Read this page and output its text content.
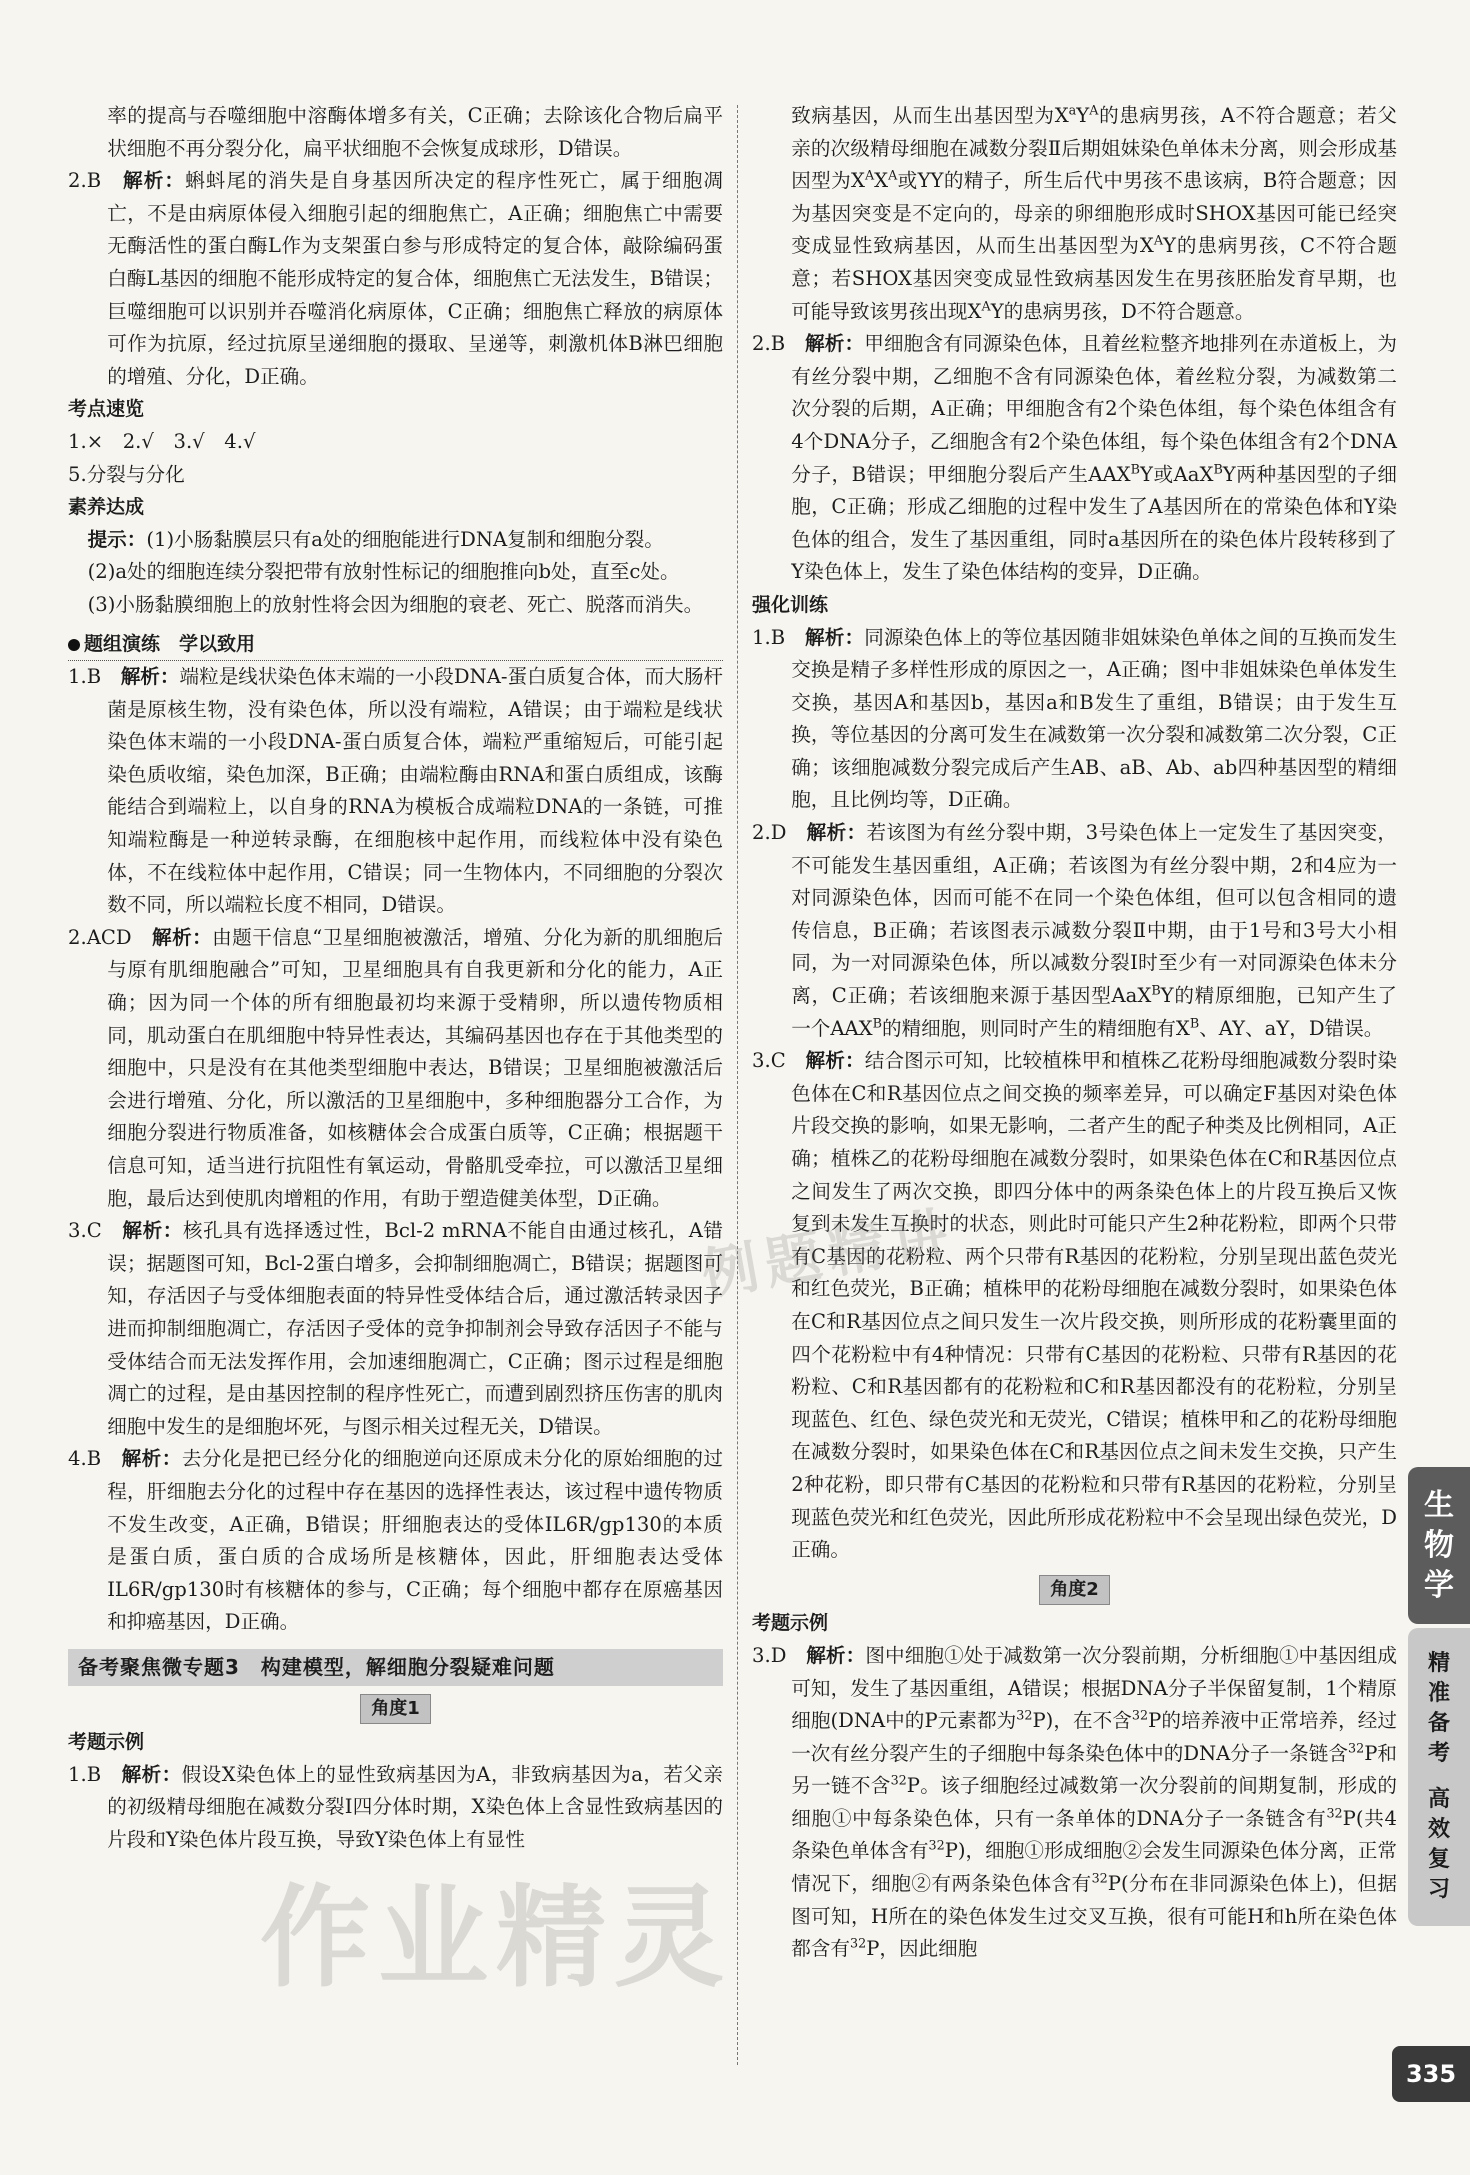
率的提高与吞噬细胞中溶酶体增多有关，C正确；去除该化合物后扁平状细胞不再分裂分化，扁平状细胞不会恢复成球形，D错误。

2.B　 解析：蝌蚪尾的消失是自身基因所决定的程序性死亡，属于细胞凋亡，不是由病原体侵入细胞引起的细胞焦亡，A正确；细胞焦亡中需要无酶活性的蛋白酶L作为支架蛋白参与形成特定的复合体，敲除编码蛋白酶L基因的细胞不能形成特定的复合体，细胞焦亡无法发生，B错误；巨噬细胞可以识别并吞噬消化病原体，C正确；细胞焦亡释放的病原体可作为抗原，经过抗原呈递细胞的摄取、呈递等，刺激机体B淋巴细胞的增殖、分化，D正确。

考点速览

1.×　2.√　3.√　4.√

5.分裂与分化

素养达成

提示：(1)小肠黏膜层只有a处的细胞能进行DNA复制和细胞分裂。

(2)a处的细胞连续分裂把带有放射性标记的细胞推向b处，直至c处。

(3)小肠黏膜细胞上的放射性将会因为细胞的衰老、死亡、脱落而消失。

题组演练　学以致用

1.B　 解析：端粒是线状染色体末端的一小段DNA-蛋白质复合体，而大肠杆菌是原核生物，没有染色体，所以没有端粒，A错误；由于端粒是线状染色体末端的一小段DNA-蛋白质复合体，端粒严重缩短后，可能引起染色质收缩，染色加深，B正确；由端粒酶由RNA和蛋白质组成，该酶能结合到端粒上，以自身的RNA为模板合成端粒DNA的一条链，可推知端粒酶是一种逆转录酶，在细胞核中起作用，而线粒体中没有染色体，不在线粒体中起作用，C错误；同一生物体内，不同细胞的分裂次数不同，所以端粒长度不相同，D错误。

2.ACD　 解析：由题干信息“卫星细胞被激活，增殖、分化为新的肌细胞后与原有肌细胞融合”可知，卫星细胞具有自我更新和分化的能力，A正确；因为同一个体的所有细胞最初均来源于受精卵，所以遗传物质相同，肌动蛋白在肌细胞中特异性表达，其编码基因也存在于其他类型的细胞中，只是没有在其他类型细胞中表达，B错误；卫星细胞被激活后会进行增殖、分化，所以激活的卫星细胞中，多种细胞器分工合作，为细胞分裂进行物质准备，如核糖体会合成蛋白质等，C正确；根据题干信息可知，适当进行抗阻性有氧运动，骨骼肌受牵拉，可以激活卫星细胞，最后达到使肌肉增粗的作用，有助于塑造健美体型，D正确。

3.C　 解析：核孔具有选择透过性，Bcl-2 mRNA不能自由通过核孔，A错误；据题图可知，Bcl-2蛋白增多，会抑制细胞凋亡，B错误；据题图可知，存活因子与受体细胞表面的特异性受体结合后，通过激活转录因子进而抑制细胞凋亡，存活因子受体的竞争抑制剂会导致存活因子不能与受体结合而无法发挥作用，会加速细胞凋亡，C正确；图示过程是细胞凋亡的过程，是由基因控制的程序性死亡，而遭到剧烈挤压伤害的肌肉细胞中发生的是细胞坏死，与图示相关过程无关，D错误。

4.B　 解析：去分化是把已经分化的细胞逆向还原成未分化的原始细胞的过程，肝细胞去分化的过程中存在基因的选择性表达，该过程中遗传物质不发生改变，A正确，B错误；肝细胞表达的受体IL6R/gp130的本质是蛋白质，蛋白质的合成场所是核糖体，因此，肝细胞表达受体IL6R/gp130时有核糖体的参与，C正确；每个细胞中都存在原癌基因和抑癌基因，D正确。

备考聚焦微专题3　构建模型，解细胞分裂疑难问题
角度1

考题示例

1.B　 解析：假设X染色体上的显性致病基因为A，非致病基因为a，若父亲的初级精母细胞在减数分裂Ⅰ四分体时期，X染色体上含显性致病基因的片段和Y染色体片段互换，导致Y染色体上有显性

致病基因，从而生出基因型为$X^aY^A$的患病男孩，A不符合题意；若父亲的次级精母细胞在减数分裂Ⅱ后期姐妹染色单体未分离，则会形成基因型为$X^AX^A$或YY的精子，所生后代中男孩不患该病，B符合题意；因为基因突变是不定向的，母亲的卵细胞形成时SHOX基因可能已经突变成显性致病基因，从而生出基因型为$X^AY$的患病男孩，C不符合题意；若SHOX基因突变成显性致病基因发生在男孩胚胎发育早期，也可能导致该男孩出现$X^AY$的患病男孩，D不符合题意。

2.B　 解析：甲细胞含有同源染色体，且着丝粒整齐地排列在赤道板上，为有丝分裂中期，乙细胞不含有同源染色体，着丝粒分裂，为减数第二次分裂的后期，A正确；甲细胞含有2个染色体组，每个染色体组含有4个DNA分子，乙细胞含有2个染色体组，每个染色体组含有2个DNA分子，B错误；甲细胞分裂后产生$AAX^BY$或AaX$^B$Y两种基因型的子细胞，C正确；形成乙细胞的过程中发生了A基因所在的常染色体和Y染色体的组合，发生了基因重组，同时a基因所在的染色体片段转移到了Y染色体上，发生了染色体结构的变异，D正确。

强化训练

1.B　 解析：同源染色体上的等位基因随非姐妹染色单体之间的互换而发生交换是精子多样性形成的原因之一，A正确；图中非姐妹染色单体发生交换，基因A和基因b，基因a和B发生了重组，B错误；由于发生互换，等位基因的分离可发生在减数第一次分裂和减数第二次分裂，C正确；该细胞减数分裂完成后产生AB、aB、Ab、ab四种基因型的精细胞，且比例均等，D正确。

2.D　 解析：若该图为有丝分裂中期，3号染色体上一定发生了基因突变，不可能发生基因重组，A正确；若该图为有丝分裂中期，2和4应为一对同源染色体，因而可能不在同一个染色体组，但可以包含相同的遗传信息，B正确；若该图表示减数分裂Ⅱ中期，由于1号和3号大小相同，为一对同源染色体，所以减数分裂Ⅰ时至少有一对同源染色体未分离，C正确；若该细胞来源于基因型AaX$^B$Y的精原细胞，已知产生了一个$AAX^B$的精细胞，则同时产生的精细胞有$X^B$、AY、aY，D错误。

3.C　 解析：结合图示可知，比较植株甲和植株乙花粉母细胞减数分裂时染色体在C和R基因位点之间交换的频率差异，可以确定F基因对染色体片段交换的影响，如果无影响，二者产生的配子种类及比例相同，A正确；植株乙的花粉母细胞在减数分裂时，如果染色体在C和R基因位点之间发生了两次交换，即四分体中的两条染色体上的片段互换后又恢复到未发生互换时的状态，则此时可能只产生2种花粉粒，即两个只带有C基因的花粉粒、两个只带有R基因的花粉粒，分别呈现出蓝色荧光和红色荧光，B正确；植株甲的花粉母细胞在减数分裂时，如果染色体在C和R基因位点之间只发生一次片段交换，则所形成的花粉囊里面的四个花粉粒中有4种情况：只带有C基因的花粉粒、只带有R基因的花粉粒、C和R基因都有的花粉粒和C和R基因都没有的花粉粒，分别呈现蓝色、红色、绿色荧光和无荧光，C错误；植株甲和乙的花粉母细胞在减数分裂时，如果染色体在C和R基因位点之间未发生交换，只产生2种花粉，即只带有C基因的花粉粒和只带有R基因的花粉粒，分别呈现蓝色荧光和红色荧光，因此所形成花粉粒中不会呈现出绿色荧光，D正确。

角度2

考题示例

3.D　 解析：图中细胞①处于减数第一次分裂前期，分析细胞①中基因组成可知，发生了基因重组，A错误；根据DNA分子半保留复制，1个精原细胞(DNA中的P元素都为$^{32}$P)，在不含$^{32}$P的培养液中正常培养，经过一次有丝分裂产生的子细胞中每条染色体中的DNA分子一条链含$^{32}$P和另一链不含$^{32}$P。该子细胞经过减数第一次分裂前的间期复制，形成的细胞①中每条染色体，只有一条单体的DNA分子一条链含有$^{32}$P(共4条染色单体含有$^{32}$P)，细胞①形成细胞②会发生同源染色体分离，正常情况下，细胞②有两条染色体含有$^{32}$P(分布在非同源染色体上)，但据图可知，H所在的染色体发生过交叉互换，很有可能H和h所在染色体都含有$^{32}$P，因此细胞

生
物
学
精
准
备
考
高
效
复
习
335
例题精讲
作业精灵
